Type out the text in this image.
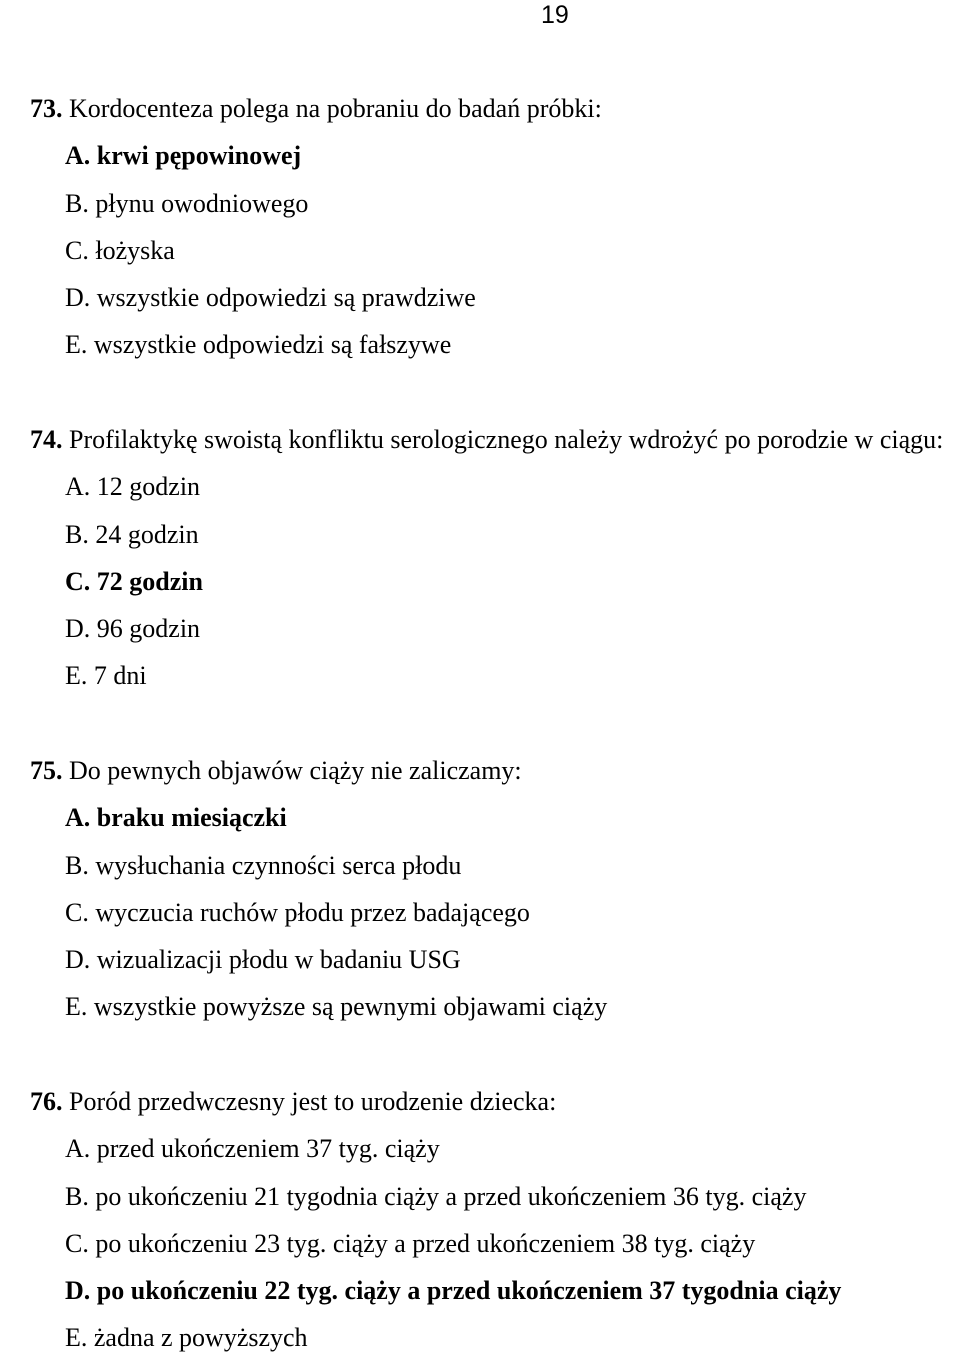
19
73. Kordocenteza polega na pobraniu do badań próbki:
A. krwi pępowinowej
B. płynu owodniowego
C. łożyska
D. wszystkie odpowiedzi są prawdziwe
E. wszystkie odpowiedzi są fałszywe
74. Profilaktykę swoistą konfliktu serologicznego należy wdrożyć po porodzie w ciągu:
A. 12 godzin
B. 24 godzin
C. 72 godzin
D. 96 godzin
E. 7 dni
75. Do pewnych objawów ciąży nie zaliczamy:
A. braku miesiączki
B. wysłuchania czynności serca płodu
C. wyczucia ruchów płodu przez badającego
D. wizualizacji płodu w badaniu USG
E. wszystkie powyższe są pewnymi objawami ciąży
76. Poród przedwczesny jest to urodzenie dziecka:
A. przed ukończeniem 37 tyg. ciąży
B. po ukończeniu 21 tygodnia ciąży a przed ukończeniem 36 tyg. ciąży
C. po ukończeniu 23 tyg. ciąży a przed ukończeniem 38 tyg. ciąży
D. po ukończeniu 22 tyg. ciąży a przed ukończeniem 37 tygodnia ciąży
E. żadna z powyższych
